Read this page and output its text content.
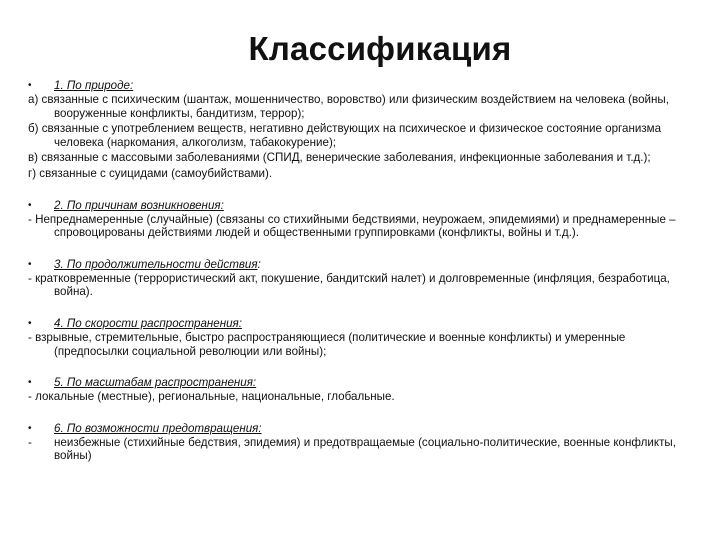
Классификация
• 1. По природе:
а) связанные с психическим (шантаж, мошенничество, воровство) или физическим воздействием на человека (войны, вооруженные конфликты, бандитизм, террор);
б) связанные с употреблением веществ, негативно действующих на психическое и физическое состояние организма человека (наркомания, алкоголизм, табакокурение);
в) связанные с массовыми заболеваниями (СПИД, венерические заболевания, инфекционные заболевания и т.д.);
г) связанные с суицидами (самоубийствами).
• 2. По причинам возникновения:
- Непреднамеренные (случайные) (связаны со стихийными бедствиями, неурожаем, эпидемиями) и преднамеренные – спровоцированы действиями людей и общественными группировками (конфликты, войны и т.д.).
• 3. По продолжительности действия:
- кратковременные (террористический акт, покушение, бандитский налет) и долговременные (инфляция, безработица, война).
• 4. По скорости распространения:
- взрывные, стремительные, быстро распространяющиеся (политические и военные конфликты) и умеренные (предпосылки социальной революции или войны);
• 5. По масштабам распространения:
- локальные (местные), региональные, национальные, глобальные.
• 6. По возможности предотвращения:
- неизбежные (стихийные бедствия, эпидемия) и предотвращаемые (социально-политические, военные конфликты, войны)
